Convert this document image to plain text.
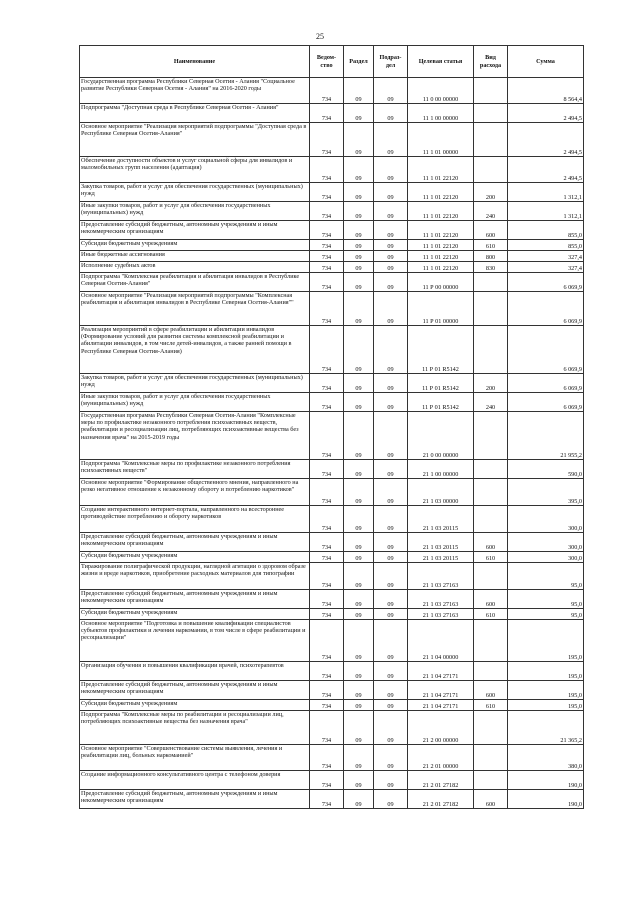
25
Наименование	Ведом-ство	Раздел	Подраз-дел	Целевая статья	Вид расхода	Сумма
Государственная программа Республики Северная Осетия - Алания "Социальное развитие Республики Северная Осетия - Алания" на 2016-2020 годы	734	09	09	11 0 00 00000		8 564,4
Подпрограмма "Доступная среда в Республике Северная Осетия - Алания"	734	09	09	11 1 00 00000		2 494,5
Основное мероприятие "Реализация мероприятий подпрограммы "Доступная среда в Республике Северная Осетия-Алания"	734	09	09	11 1 01 00000		2 494,5
Обеспечение доступности объектов и услуг социальной сферы для инвалидов и маломобильных групп населения (адаптация)	734	09	09	11 1 01 22120		2 494,5
Закупка товаров, работ и услуг для обеспечения государственных (муниципальных) нужд	734	09	09	11 1 01 22120	200	1 312,1
Иные закупки товаров, работ и услуг для обеспечения государственных (муниципальных) нужд	734	09	09	11 1 01 22120	240	1 312,1
Предоставление субсидий бюджетным, автономным учреждениям и иным некоммерческим организациям	734	09	09	11 1 01 22120	600	855,0
Субсидии бюджетным учреждениям	734	09	09	11 1 01 22120	610	855,0
Иные бюджетные ассигнования	734	09	09	11 1 01 22120	800	327,4
Исполнение судебных актов	734	09	09	11 1 01 22120	830	327,4
Подпрограмма "Комплексная реабилитация и абилитация инвалидов в Республике Северная Осетия-Алания"	734	09	09	11 Р 00 00000		6 069,9
Основное мероприятие "Реализация мероприятий подпрограммы "Комплексная реабилитация и абилитация инвалидов в Республике Северная Осетия-Алания""	734	09	09	11 Р 01 00000		6 069,9
Реализация мероприятий в сфере реабилитации и абилитации инвалидов (Формирование условий для развития системы комплексной реабилитации и абилитации инвалидов, в том числе детей-инвалидов, а также ранней помощи в Республике Северная Осетия-Алания)	734	09	09	11 Р 01 R5142		6 069,9
Закупка товаров, работ и услуг для обеспечения государственных (муниципальных) нужд	734	09	09	11 Р 01 R5142	200	6 069,9
Иные закупки товаров, работ и услуг для обеспечения государственных (муниципальных) нужд	734	09	09	11 Р 01 R5142	240	6 069,9
Государственная программа Республики Северная Осетия-Алания "Комплексные меры по профилактике незаконного потребления психоактивных веществ, реабилитации и ресоциализации лиц, потребляющих психоактивные вещества без назначения врача" на 2015-2019 годы	734	09	09	21 0 00 00000		21 955,2
Подпрограмма "Комплексные меры по профилактике незаконного потребления психоактивных веществ"	734	09	09	21 1 00 00000		590,0
Основное мероприятие "Формирование общественного мнения, направленного на резко негативное отношение к незаконному обороту и потреблению наркотиков"	734	09	09	21 1 03 00000		395,0
Создание интерактивного интернет-портала, направленного на всестороннее противодействие потреблению и обороту наркотиков	734	09	09	21 1 03 20115		300,0
Предоставление субсидий бюджетным, автономным учреждениям и иным некоммерческим организациям	734	09	09	21 1 03 20115	600	300,0
Субсидии бюджетным учреждениям	734	09	09	21 1 03 20115	610	300,0
Тиражирование полиграфической продукции, наглядной агитации о здоровом образе жизни и вреде наркотиков, приобретение расходных материалов для типографии	734	09	09	21 1 03 27163		95,0
Предоставление субсидий бюджетным, автономным учреждениям и иным некоммерческим организациям	734	09	09	21 1 03 27163	600	95,0
Субсидии бюджетным учреждениям	734	09	09	21 1 03 27163	610	95,0
Основное мероприятие "Подготовка и повышение квалификации специалистов субъектов профилактики и лечения наркомании, в том числе в сфере реабилитации и ресоциализации"	734	09	09	21 1 04 00000		195,0
Организация обучения и повышения квалификации врачей, психотерапевтов	734	09	09	21 1 04 27171		195,0
Предоставление субсидий бюджетным, автономным учреждениям и иным некоммерческим организациям	734	09	09	21 1 04 27171	600	195,0
Субсидии бюджетным учреждениям	734	09	09	21 1 04 27171	610	195,0
Подпрограмма "Комплексные меры по реабилитации и ресоциализации лиц, потребляющих психоактивные вещества без назначения врача"	734	09	09	21 2 00 00000		21 365,2
Основное мероприятие "Совершенствование системы выявления, лечения и реабилитации лиц, больных наркоманией"	734	09	09	21 2 01 00000		380,0
Создание информационного консультативного центра с телефоном доверия	734	09	09	21 2 01 27182		190,0
Предоставление субсидий бюджетным, автономным учреждениям и иным некоммерческим организациям	734	09	09	21 2 01 27182	600	190,0
